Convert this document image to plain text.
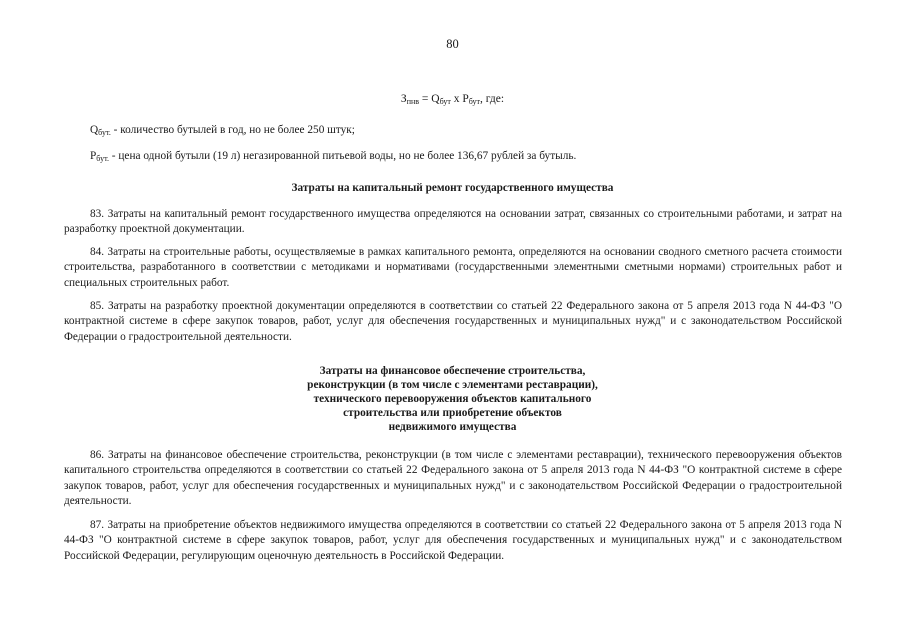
80
$З_{пнв} = Q_{бут}$ х $P_{бут}$, где:
$Q_{бут.}$ - количество бутылей в год, но не более 250 штук;
$P_{бут.}$ - цена одной бутыли (19 л) негазированной питьевой воды, но не более 136,67 рублей за бутыль.
Затраты на капитальный ремонт государственного имущества
83. Затраты на капитальный ремонт государственного имущества определяются на основании затрат, связанных со строительными работами, и затрат на разработку проектной документации.
84. Затраты на строительные работы, осуществляемые в рамках капитального ремонта, определяются на основании сводного сметного расчета стоимости строительства, разработанного в соответствии с методиками и нормативами (государственными элементными сметными нормами) строительных работ и специальных строительных работ.
85. Затраты на разработку проектной документации определяются в соответствии со статьей 22 Федерального закона от 5 апреля 2013 года N 44-ФЗ "О контрактной системе в сфере закупок товаров, работ, услуг для обеспечения государственных и муниципальных нужд" и с законодательством Российской Федерации о градостроительной деятельности.
Затраты на финансовое обеспечение строительства,
реконструкции (в том числе с элементами реставрации),
технического перевооружения объектов капитального
строительства или приобретение объектов
недвижимого имущества
86. Затраты на финансовое обеспечение строительства, реконструкции (в том числе с элементами реставрации), технического перевооружения объектов капитального строительства определяются в соответствии со статьей 22 Федерального закона от 5 апреля 2013 года N 44-ФЗ "О контрактной системе в сфере закупок товаров, работ, услуг для обеспечения государственных и муниципальных нужд" и с законодательством Российской Федерации о градостроительной деятельности.
87. Затраты на приобретение объектов недвижимого имущества определяются в соответствии со статьей 22 Федерального закона от 5 апреля 2013 года N 44-ФЗ "О контрактной системе в сфере закупок товаров, работ, услуг для обеспечения государственных и муниципальных нужд" и с законодательством Российской Федерации, регулирующим оценочную деятельность в Российской Федерации.
